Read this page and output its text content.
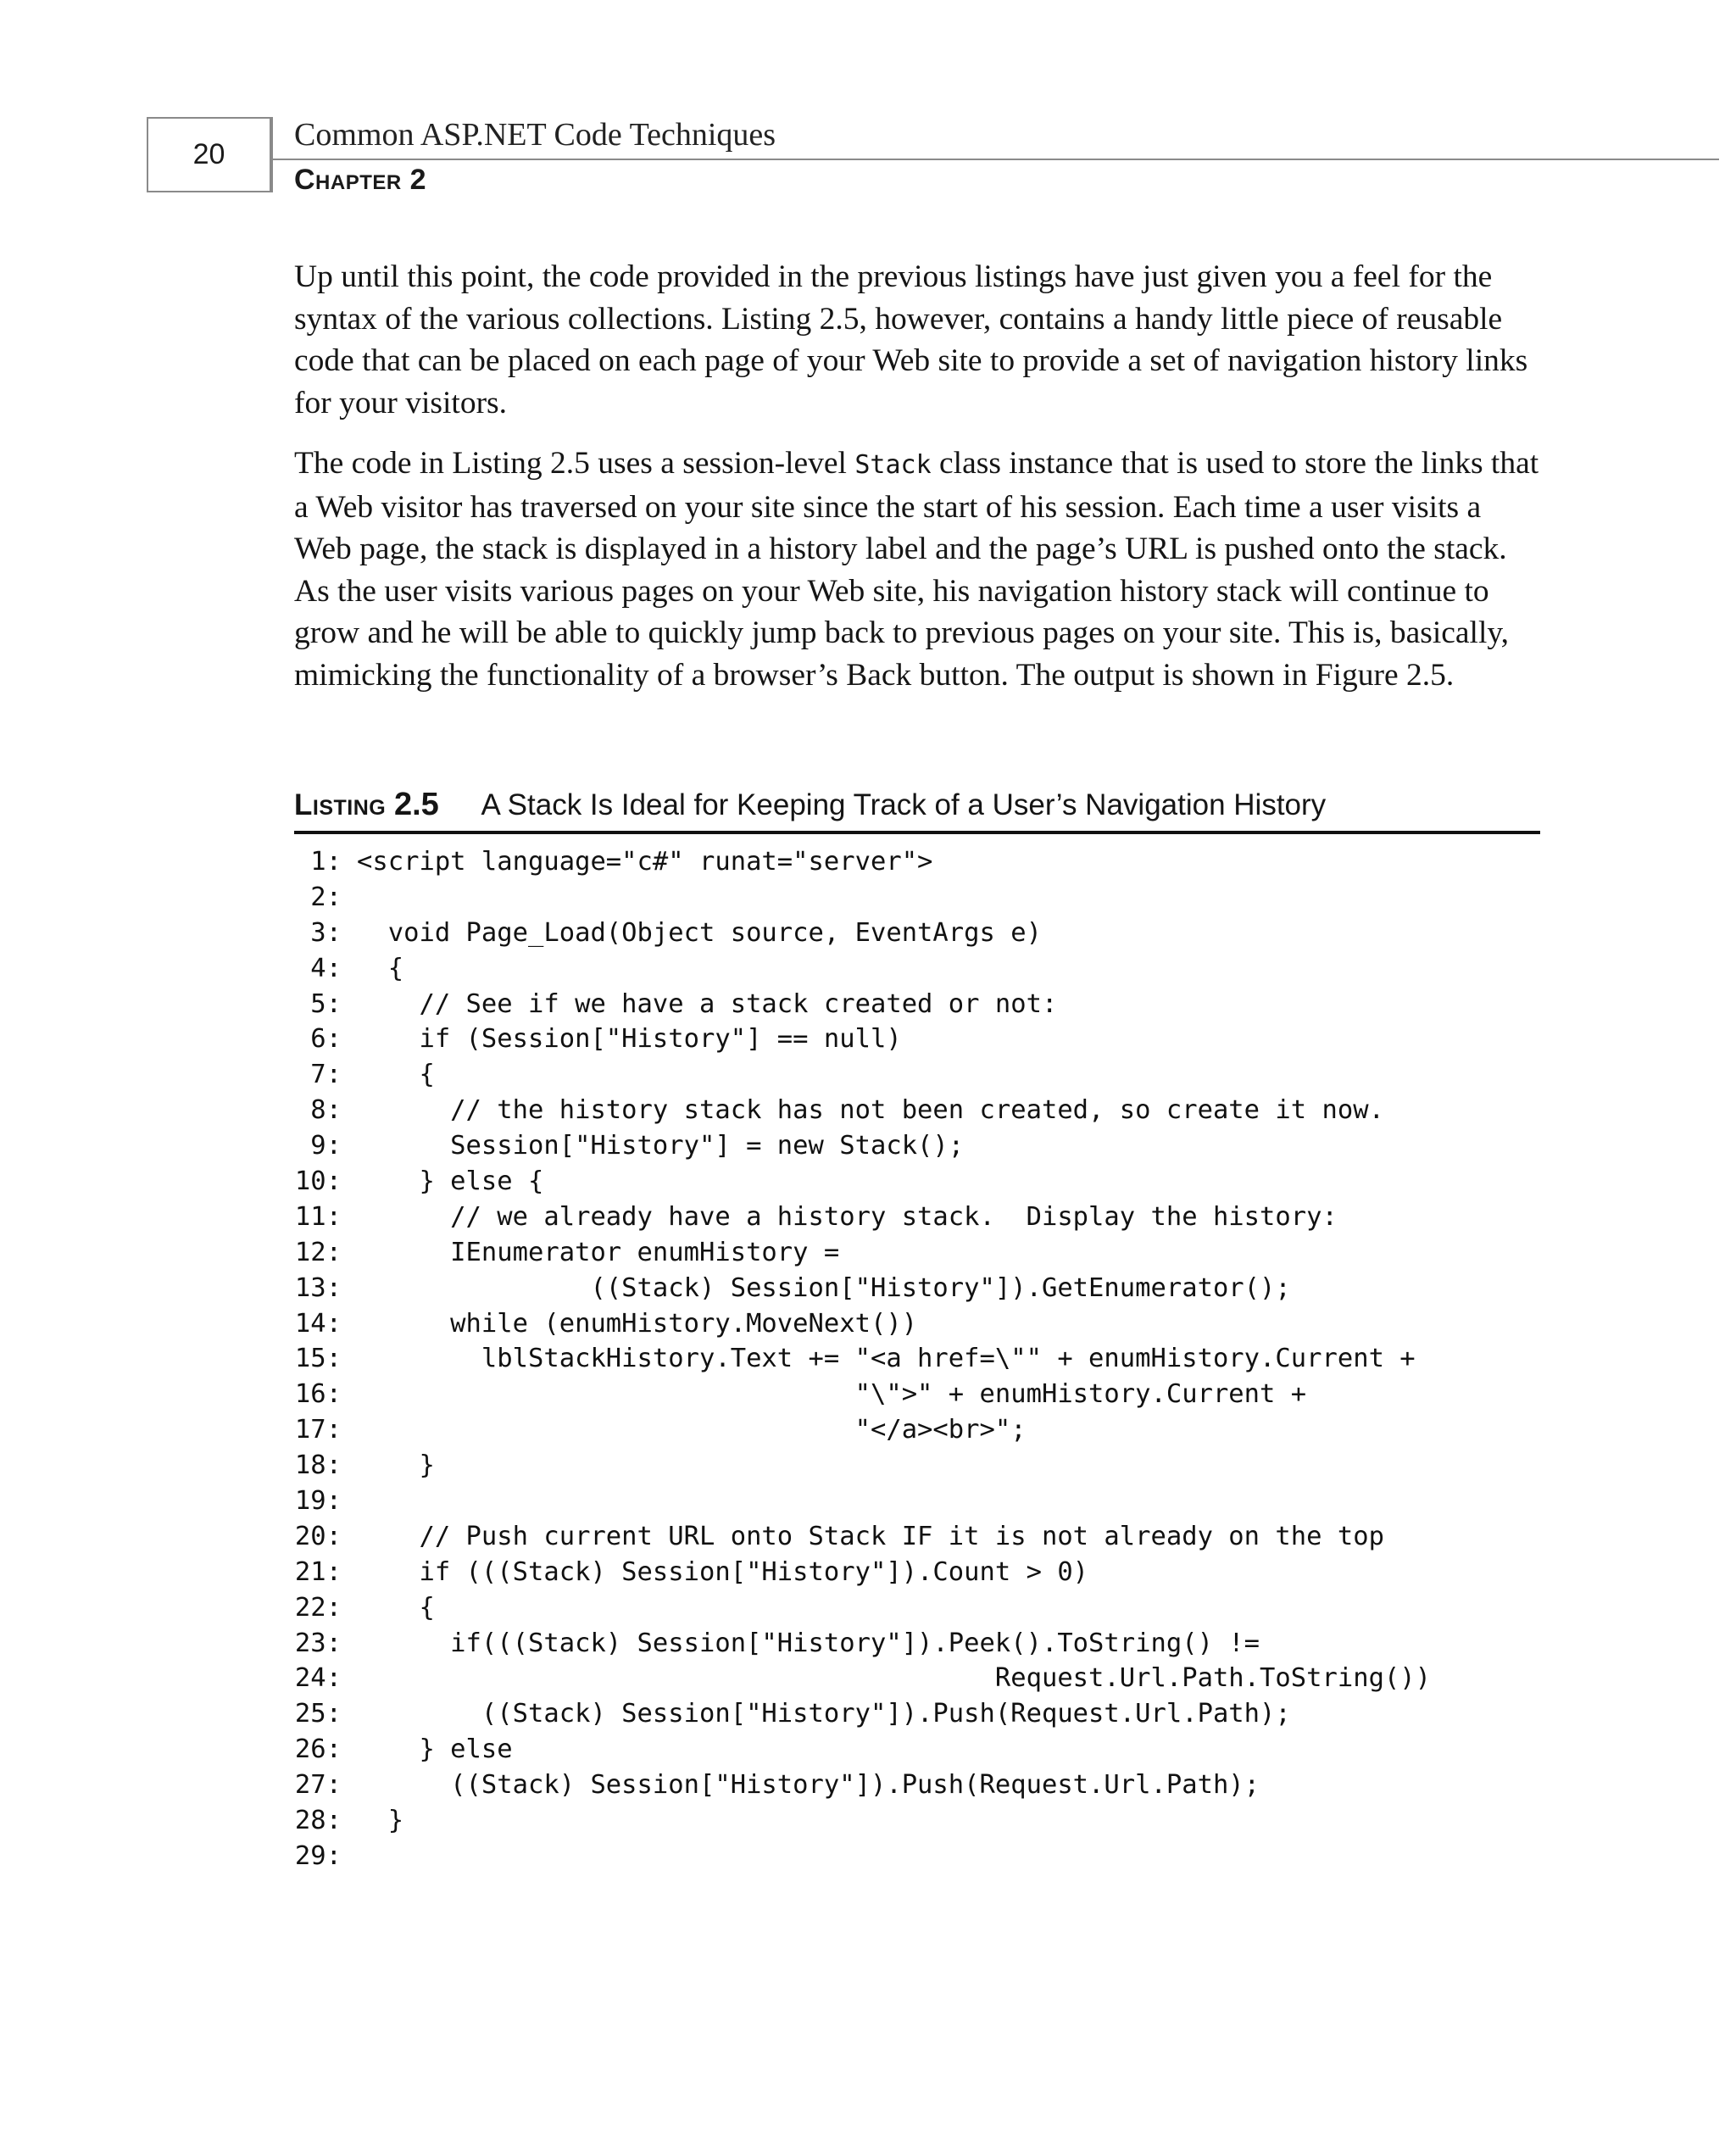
20
Common ASP.NET Code Techniques
Chapter 2

Up until this point, the code provided in the previous listings have just given you a feel for the syntax of the various collections. Listing 2.5, however, contains a handy little piece of reusable code that can be placed on each page of your Web site to provide a set of navigation history links for your visitors.

The code in Listing 2.5 uses a session-level Stack class instance that is used to store the links that a Web visitor has traversed on your site since the start of his session. Each time a user visits a Web page, the stack is displayed in a history label and the page’s URL is pushed onto the stack. As the user visits various pages on your Web site, his navigation history stack will continue to grow and he will be able to quickly jump back to previous pages on your site. This is, basically, mimicking the functionality of a browser’s Back button. The output is shown in Figure 2.5.

Listing 2.5 A Stack Is Ideal for Keeping Track of a User’s Navigation History
1: <script language="c#" runat="server">
2:
3: void Page_Load(Object source, EventArgs e)
4: {
5: // See if we have a stack created or not:
6: if (Session["History"] == null)
7: {
8: // the history stack has not been created, so create it now.
9: Session["History"] = new Stack();
10: } else {
11: // we already have a history stack.  Display the history:
12: IEnumerator enumHistory =
13: ((Stack) Session["History"]).GetEnumerator();
14: while (enumHistory.MoveNext())
15: lblStackHistory.Text += "<a href=\"" + enumHistory.Current +
16: "\">" + enumHistory.Current +
17: "</a><br>";
18: }
19:
20: // Push current URL onto Stack IF it is not already on the top
21: if (((Stack) Session["History"]).Count > 0)
22: {
23: if(((Stack) Session["History"]).Peek().ToString() !=
24: Request.Url.Path.ToString())
25: ((Stack) Session["History"]).Push(Request.Url.Path);
26: } else
27: ((Stack) Session["History"]).Push(Request.Url.Path);
28: }
29:
